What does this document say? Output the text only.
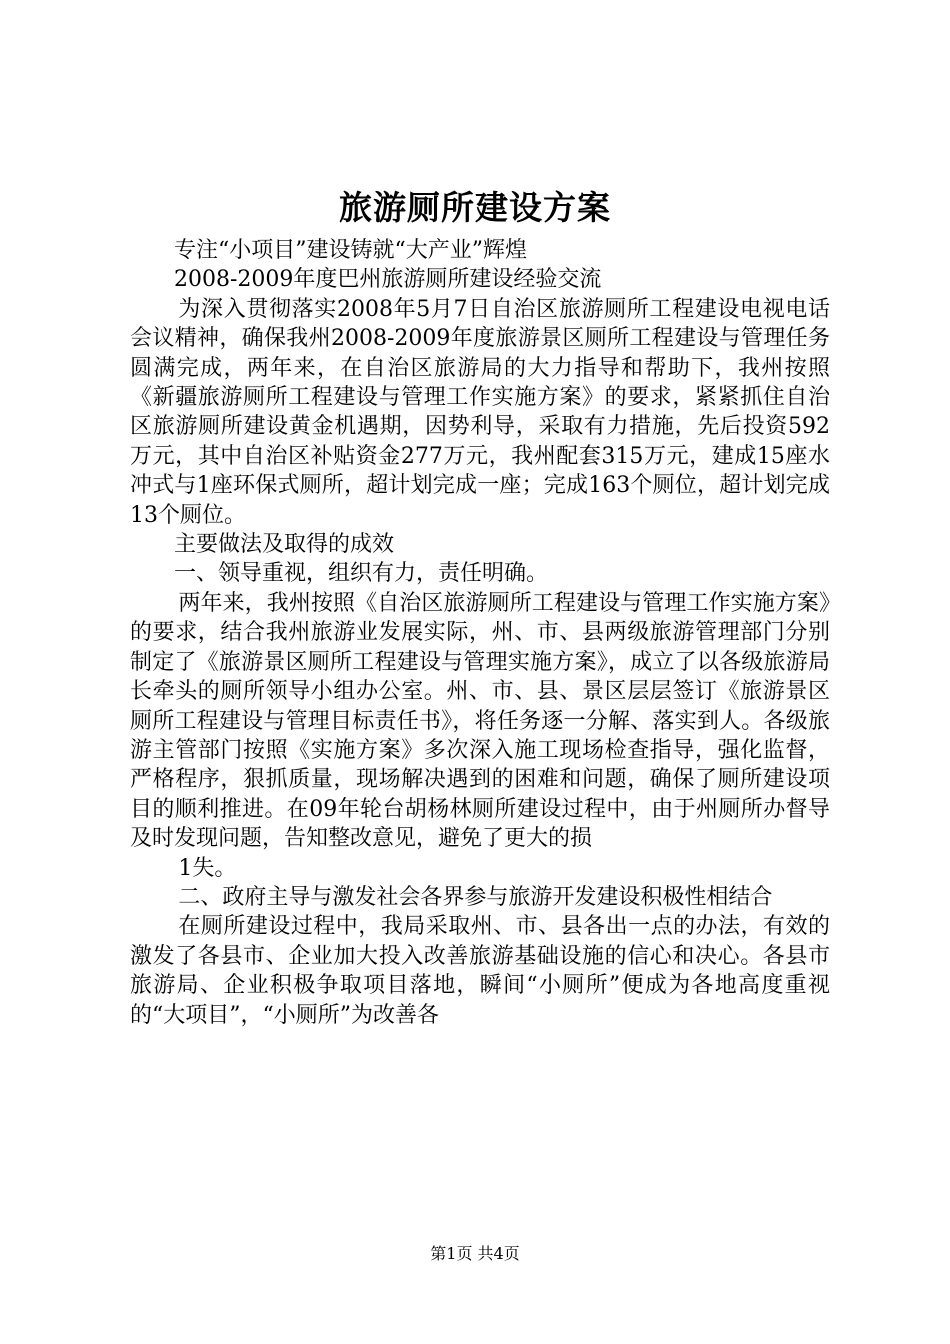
旅游厕所建设方案

专注“小项目”建设铸就“大产业”辉煌

2008-2009年度巴州旅游厕所建设经验交流

为深入贯彻落实2008年5月7日自治区旅游厕所工程建设电视电话会议精神，确保我州2008-2009年度旅游景区厕所工程建设与管理任务圆满完成，两年来，在自治区旅游局的大力指导和帮助下，我州按照《新疆旅游厕所工程建设与管理工作实施方案》的要求，紧紧抓住自治区旅游厕所建设黄金机遇期，因势利导，采取有力措施，先后投资592万元，其中自治区补贴资金277万元，我州配套315万元，建成15座水冲式与1座环保式厕所，超计划完成一座；完成163个厕位，超计划完成13个厕位。

主要做法及取得的成效

一、领导重视，组织有力，责任明确。

两年来，我州按照《自治区旅游厕所工程建设与管理工作实施方案》的要求，结合我州旅游业发展实际，州、市、县两级旅游管理部门分别制定了《旅游景区厕所工程建设与管理实施方案》，成立了以各级旅游局长牵头的厕所领导小组办公室。州、市、县、景区层层签订《旅游景区厕所工程建设与管理目标责任书》，将任务逐一分解、落实到人。各级旅游主管部门按照《实施方案》多次深入施工现场检查指导，强化监督，严格程序，狠抓质量，现场解决遇到的困难和问题，确保了厕所建设项目的顺利推进。在09年轮台胡杨林厕所建设过程中，由于州厕所办督导及时发现问题，告知整改意见，避免了更大的损

1失。

二、政府主导与激发社会各界参与旅游开发建设积极性相结合

在厕所建设过程中，我局采取州、市、县各出一点的办法，有效的激发了各县市、企业加大投入改善旅游基础设施的信心和决心。各县市旅游局、企业积极争取项目落地，瞬间“小厕所”便成为各地高度重视的“大项目”，“小厕所”为改善各

第1页 共4页
